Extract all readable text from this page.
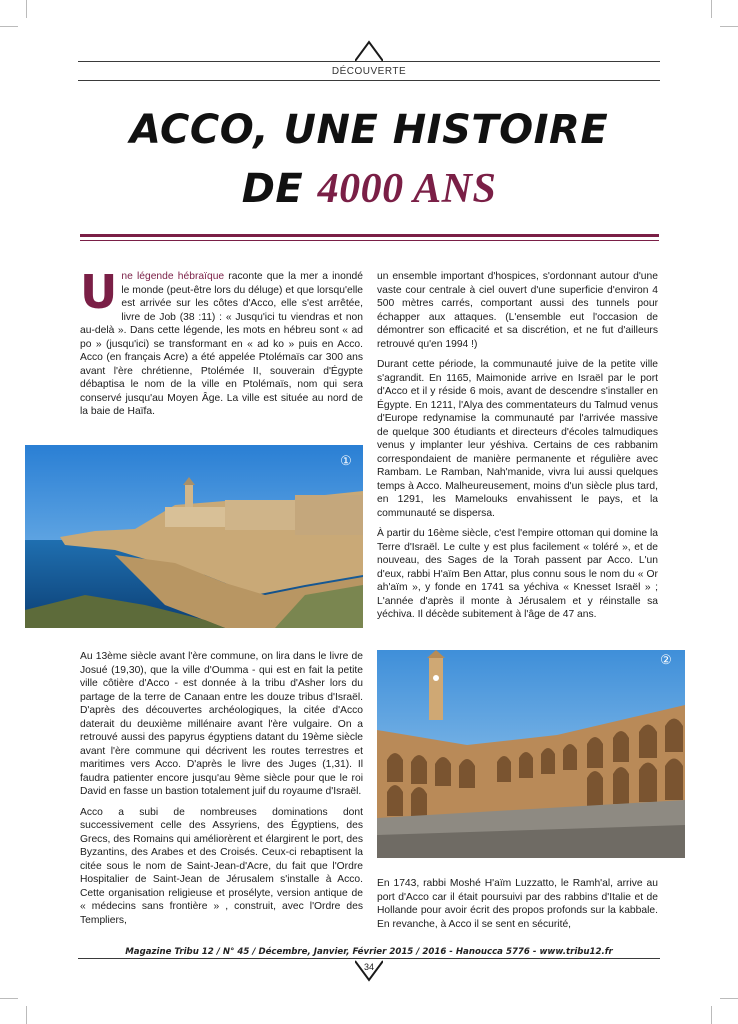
DÉCOUVERTE
ACCO, UNE HISTOIRE
DE 4000 ANS

Une légende hébraïque raconte que la mer a inondé le monde (peut-être lors du déluge) et que lorsqu'elle est arrivée sur les côtes d'Acco, elle s'est arrêtée, livre de Job (38 :11) : « Jusqu'ici tu viendras et non au-delà ». Dans cette légende, les mots en hébreu sont « ad po » (jusqu'ici) se transformant en « ad ko » puis en Acco. Acco (en français Acre) a été appelée Ptolémaïs car 300 ans avant l'ère chrétienne, Ptolémée II, souverain d'Égypte débaptisa le nom de la ville en Ptolémaïs, nom qui sera conservé jusqu'au Moyen Âge. La ville est située au nord de la baie de Haïfa.

①

Au 13ème siècle avant l'ère commune, on lira dans le livre de Josué (19,30), que la ville d'Oumma - qui est en fait la petite ville côtière d'Acco - est donnée à la tribu d'Asher lors du partage de la terre de Canaan entre les douze tribus d'Israël. D'après des découvertes archéologiques, la citée d'Acco daterait du deuxième millénaire avant l'ère vulgaire. On a retrouvé aussi des papyrus égyptiens datant du 19ème siècle avant l'ère commune qui décrivent les routes terrestres et maritimes vers Acco. D'après le livre des Juges (1,31). Il faudra patienter encore jusqu'au 9ème siècle pour que le roi David en fasse un bastion totalement juif du royaume d'Israël.

Acco a subi de nombreuses dominations dont successivement celle des Assyriens, des Égyptiens, des Grecs, des Romains qui améliorèrent et élargirent le port, des Byzantins, des Arabes et des Croisés. Ceux-ci rebaptisent la citée sous le nom de Saint-Jean-d'Acre, du fait que l'Ordre Hospitalier de Saint-Jean de Jérusalem s'installe à Acco. Cette organisation religieuse et prosélyte, version antique de « médecins sans frontière » , construit, avec l'Ordre des Templiers,

un ensemble important d'hospices, s'ordonnant autour d'une vaste cour centrale à ciel ouvert d'une superficie d'environ 4 500 mètres carrés, comportant aussi des tunnels pour échapper aux attaques. (L'ensemble eut l'occasion de démontrer son efficacité et sa discrétion, et ne fut d'ailleurs retrouvé qu'en 1994 !)

Durant cette période, la communauté juive de la petite ville s'agrandit. En 1165, Maimonide arrive en Israël par le port d'Acco et il y réside 6 mois, avant de descendre s'installer en Égypte. En 1211, l'Alya des commentateurs du Talmud venus d'Europe redynamise la communauté par l'arrivée massive de quelque 300 étudiants et directeurs d'écoles talmudiques venus y implanter leur yéshiva. Certains de ces rabbanim correspondaient de manière permanente et régulière avec Rambam. Le Ramban, Nah'manide, vivra lui aussi quelques temps à Acco. Malheureusement, moins d'un siècle plus tard, en 1291, les Mamelouks envahissent le pays, et la communauté se dispersa.

À partir du 16ème siècle, c'est l'empire ottoman qui domine la Terre d'Israël. Le culte y est plus facilement « toléré », et de nouveau, des Sages de la Torah passent par Acco. L'un d'eux, rabbi H'aïm Ben Attar, plus connu sous le nom du « Or ah'aïm », y fonde en 1741 sa yéchiva « Knesset Israël » ; L'année d'après il monte à Jérusalem et y réinstalle sa yéchiva. Il décède subitement à l'âge de 47 ans.

②

En 1743, rabbi Moshé H'aïm Luzzatto, le Ramh'al, arrive au port d'Acco car il était poursuivi par des rabbins d'Italie et de Hollande pour avoir écrit des propos profonds sur la kabbale. En revanche, à Acco il se sent en sécurité,

Magazine Tribu 12 / N° 45 / Décembre, Janvier, Février 2015 / 2016 - Hanoucca 5776 - www.tribu12.fr
34
